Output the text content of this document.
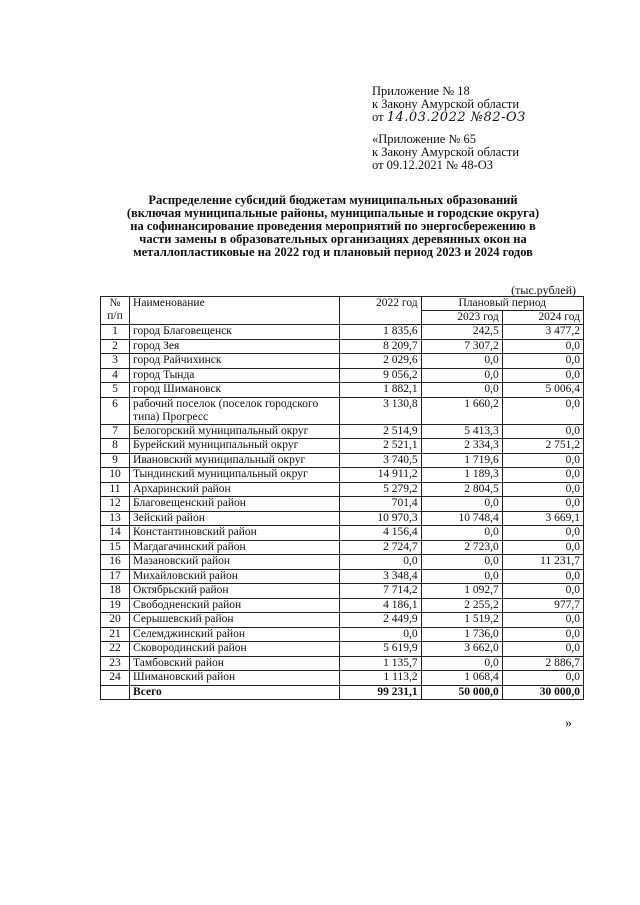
Приложение № 18
к Закону Амурской области
от 14.03.2022 №82-ОЗ
«Приложение № 65
к Закону Амурской области
от 09.12.2021 № 48-ОЗ
Распределение субсидий бюджетам муниципальных образований
(включая муниципальные районы, муниципальные и городские округа)
на софинансирование проведения мероприятий по энергосбережению в
части замены в образовательных организациях деревянных окон на
металлопластиковые на 2022 год и плановый период 2023 и 2024 годов
(тыс.рублей)
№
п/п	Наименование	2022 год	Плановый период	
			2023 год	2024 год
1	город Благовещенск	1 835,6	242,5	3 477,2
2	город Зея	8 209,7	7 307,2	0,0
3	город Райчихинск	2 029,6	0,0	0,0
4	город Тында	9 056,2	0,0	0,0
5	город Шимановск	1 882,1	0,0	5 006,4
6	рабочий поселок (поселок городского типа) Прогресс	3 130,8	1 660,2	0,0
7	Белогорский муниципальный округ	2 514,9	5 413,3	0,0
8	Бурейский муниципальный округ	2 521,1	2 334,3	2 751,2
9	Ивановский муниципальный округ	3 740,5	1 719,6	0,0
10	Тындинский муниципальный округ	14 911,2	1 189,3	0,0
11	Архаринский район	5 279,2	2 804,5	0,0
12	Благовещенский район	701,4	0,0	0,0
13	Зейский район	10 970,3	10 748,4	3 669,1
14	Константиновский район	4 156,4	0,0	0,0
15	Магдагачинский район	2 724,7	2 723,0	0,0
16	Мазановский район	0,0	0,0	11 231,7
17	Михайловский район	3 348,4	0,0	0,0
18	Октябрьский район	7 714,2	1 092,7	0,0
19	Свободненский район	4 186,1	2 255,2	977,7
20	Серышевский район	2 449,9	1 519,2	0,0
21	Селемджинский район	0,0	1 736,0	0,0
22	Сковородинский район	5 619,9	3 662,0	0,0
23	Тамбовский район	1 135,7	0,0	2 886,7
24	Шимановский район	1 113,2	1 068,4	0,0
	Всего	99 231,1	50 000,0	30 000,0
»
